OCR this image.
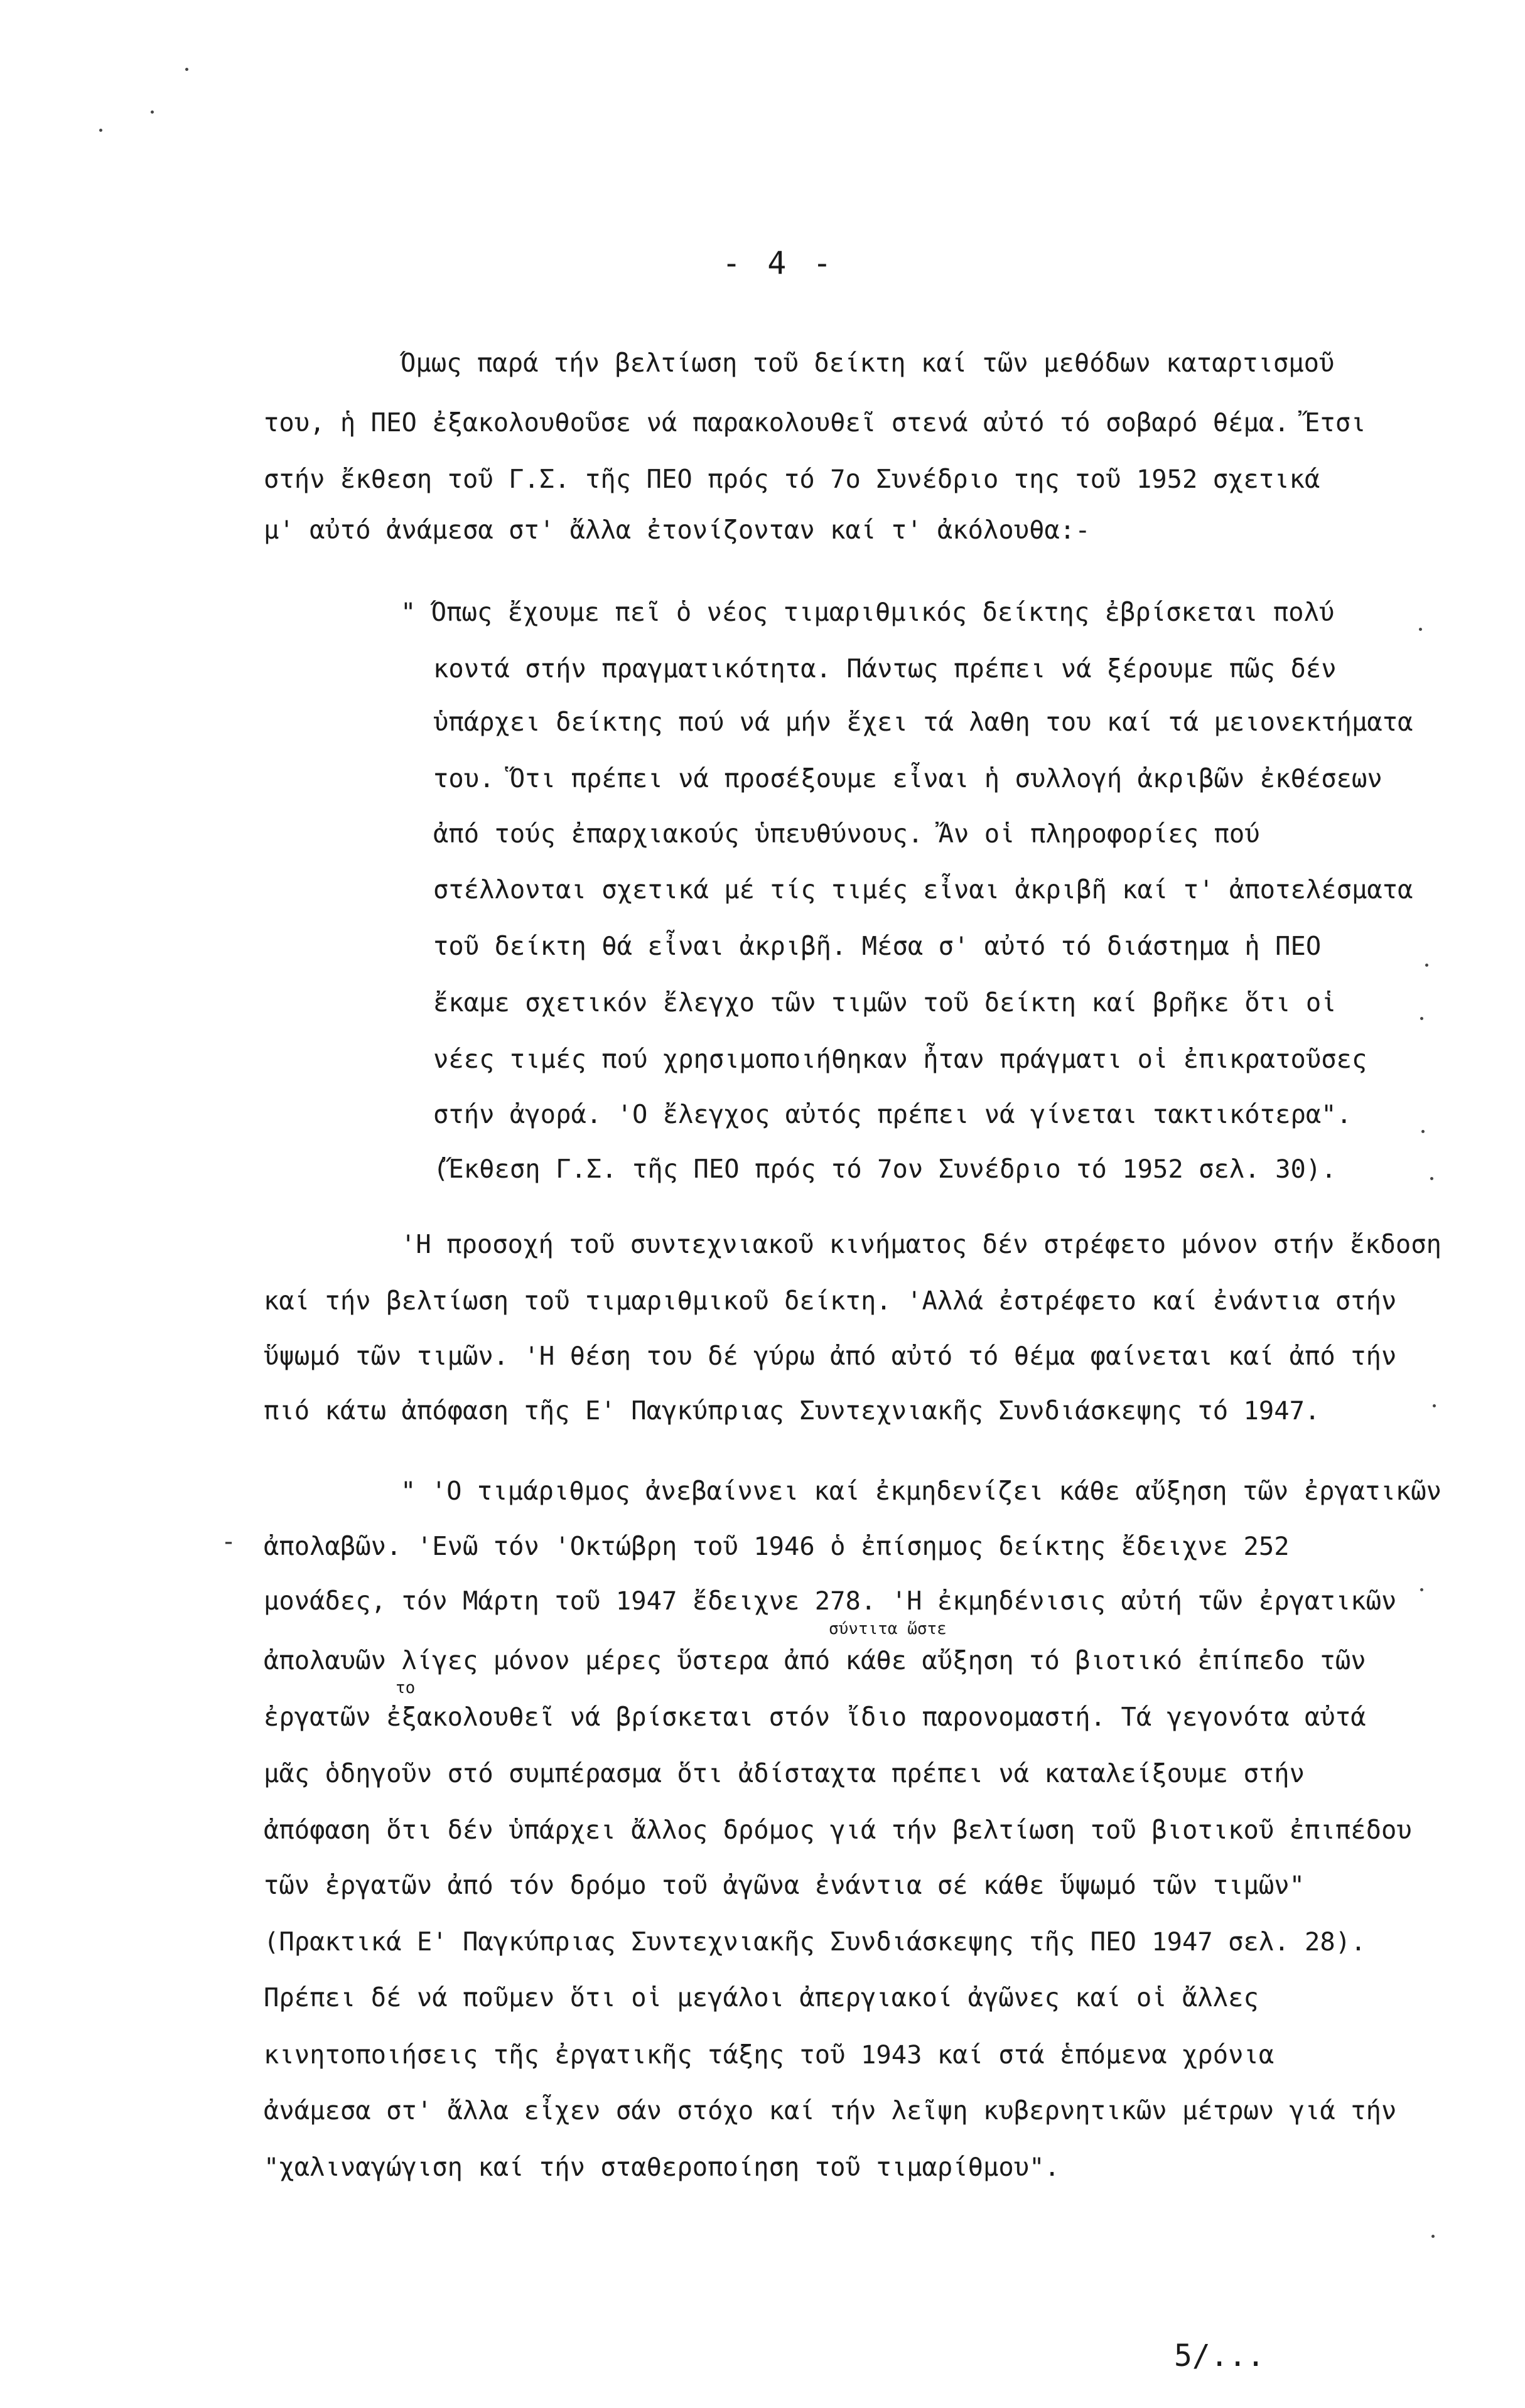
- 4 -
Όμως παρά τήν βελτίωση τοῦ δείκτη καί τῶν μεθόδων καταρτισμοῦ
του, ἡ ΠΕΟ ἐξακολουθοῦσε νά παρακολουθεῖ στενά αὐτό τό σοβαρό θέμα. Ἔτσι
στήν ἔκθεση τοῦ Γ.Σ. τῆς ΠΕΟ πρός τό 7ο Συνέδριο της τοῦ 1952 σχετικά
μ' αὐτό ἀνάμεσα στ' ἄλλα ἐτονίζονταν καί τ' ἀκόλουθα:-
" Όπως ἔχουμε πεῖ ὁ νέος τιμαριθμικός δείκτης ἐβρίσκεται πολύ
κοντά στήν πραγματικότητα. Πάντως πρέπει νά ξέρουμε πῶς δέν
ὑπάρχει δείκτης πού νά μήν ἔχει τά λαθη του καί τά μειονεκτήματα
του. Ὅτι πρέπει νά προσέξουμε εἶναι ἡ συλλογή ἀκριβῶν ἐκθέσεων
ἀπό τούς ἐπαρχιακούς ὑπευθύνους. Ἄν οἱ πληροφορίες πού
στέλλονται σχετικά μέ τίς τιμές εἶναι ἀκριβῆ καί τ' ἀποτελέσματα
τοῦ δείκτη θά εἶναι ἀκριβῆ. Μέσα σ' αὐτό τό διάστημα ἡ ΠΕΟ
ἔκαμε σχετικόν ἔλεγχο τῶν τιμῶν τοῦ δείκτη καί βρῆκε ὅτι οἱ
νέες τιμές πού χρησιμοποιήθηκαν ἦταν πράγματι οἱ ἐπικρατοῦσες
στήν ἀγορά. 'Ο ἔλεγχος αὐτός πρέπει νά γίνεται τακτικότερα".
(Ἔκθεση Γ.Σ. τῆς ΠΕΟ πρός τό 7ον Συνέδριο τό 1952 σελ. 30).
'Η προσοχή τοῦ συντεχνιακοῦ κινήματος δέν στρέφετο μόνον στήν ἔκδοση
καί τήν βελτίωση τοῦ τιμαριθμικοῦ δείκτη. 'Αλλά ἐστρέφετο καί ἐνάντια στήν
ὕψωμό τῶν τιμῶν. 'Η θέση του δέ γύρω ἀπό αὐτό τό θέμα φαίνεται καί ἀπό τήν
πιό κάτω ἀπόφαση τῆς Ε' Παγκύπριας Συντεχνιακῆς Συνδιάσκεψης τό 1947.
" 'Ο τιμάριθμος ἀνεβαίννει καί ἐκμηδενίζει κάθε αὔξηση τῶν ἐργατικῶν
ἀπολαβῶν. 'Ενῶ τόν 'Οκτώβρη τοῦ 1946 ὁ ἐπίσημος δείκτης ἔδειχνε 252
μονάδες, τόν Μάρτη τοῦ 1947 ἔδειχνε 278. 'Η ἐκμηδένισις αὐτή τῶν ἐργατικῶν
σύντιτα ὥστε
ἀπολαυῶν λίγες μόνον μέρες ὕστερα ἀπό κάθε αὔξηση τό βιοτικό ἐπίπεδο τῶν
το
ἐργατῶν ἐξακολουθεῖ νά βρίσκεται στόν ἴδιο παρονομαστή. Τά γεγονότα αὐτά
μᾶς ὁδηγοῦν στό συμπέρασμα ὅτι ἀδίσταχτα πρέπει νά καταλείξουμε στήν
ἀπόφαση ὅτι δέν ὑπάρχει ἄλλος δρόμος γιά τήν βελτίωση τοῦ βιοτικοῦ ἐπιπέδου
τῶν ἐργατῶν ἀπό τόν δρόμο τοῦ ἀγῶνα ἐνάντια σέ κάθε ὕψωμό τῶν τιμῶν"
(Πρακτικά Ε' Παγκύπριας Συντεχνιακῆς Συνδιάσκεψης τῆς ΠΕΟ 1947 σελ. 28).
Πρέπει δέ νά ποῦμεν ὅτι οἱ μεγάλοι ἀπεργιακοί ἀγῶνες καί οἱ ἄλλες
κινητοποιήσεις τῆς ἐργατικῆς τάξης τοῦ 1943 καί στά ἑπόμενα χρόνια
ἀνάμεσα στ' ἄλλα εἶχεν σάν στόχο καί τήν λεῖψη κυβερνητικῶν μέτρων γιά τήν
"χαλιναγώγιση καί τήν σταθεροποίηση τοῦ τιμαρίθμου".
5/...
-
